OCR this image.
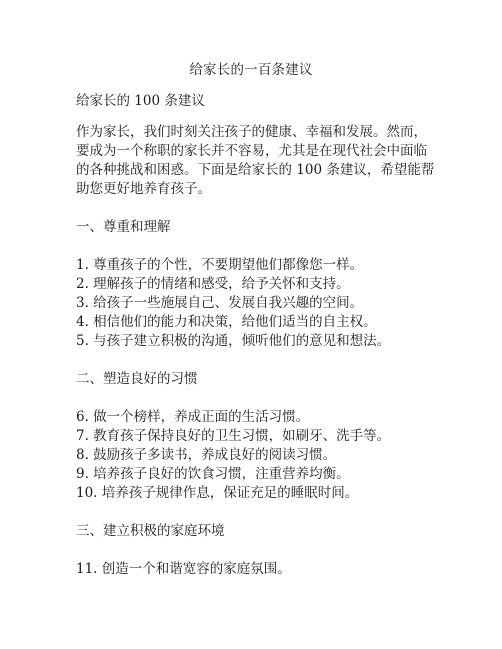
给家长的一百条建议
给家长的 100 条建议

作为家长，我们时刻关注孩子的健康、幸福和发展。然而，要成为一个称职的家长并不容易，尤其是在现代社会中面临的各种挑战和困惑。下面是给家长的 100 条建议，希望能帮助您更好地养育孩子。

一、尊重和理解
1. 尊重孩子的个性，不要期望他们都像您一样。
2. 理解孩子的情绪和感受，给予关怀和支持。
3. 给孩子一些施展自己、发展自我兴趣的空间。
4. 相信他们的能力和决策，给他们适当的自主权。
5. 与孩子建立积极的沟通，倾听他们的意见和想法。
二、塑造良好的习惯
6. 做一个榜样，养成正面的生活习惯。
7. 教育孩子保持良好的卫生习惯，如刷牙、洗手等。
8. 鼓励孩子多读书，养成良好的阅读习惯。
9. 培养孩子良好的饮食习惯，注重营养均衡。
10. 培养孩子规律作息，保证充足的睡眠时间。
三、建立积极的家庭环境
11. 创造一个和谐宽容的家庭氛围。
